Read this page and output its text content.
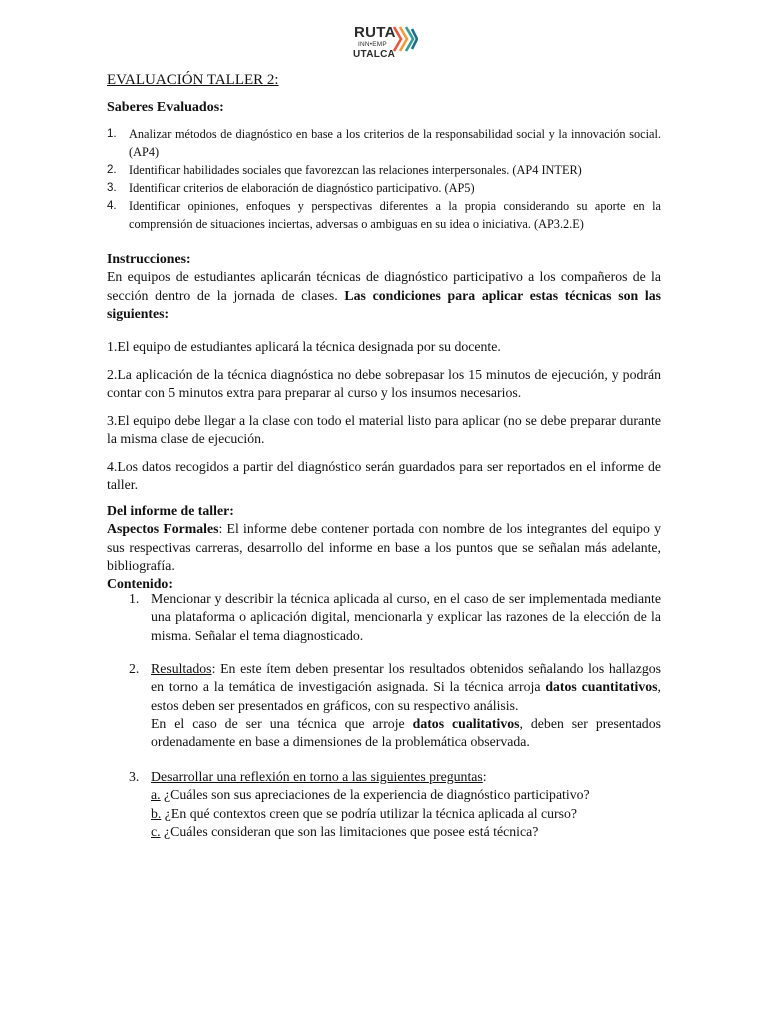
RUTA
INN•EMP
UTALCA
EVALUACIÓN TALLER 2:
Saberes Evaluados:
1. Analizar métodos de diagnóstico en base a los criterios de la responsabilidad social y la innovación social. (AP4)
2. Identificar habilidades sociales que favorezcan las relaciones interpersonales. (AP4 INTER)
3. Identificar criterios de elaboración de diagnóstico participativo. (AP5)
4. Identificar opiniones, enfoques y perspectivas diferentes a la propia considerando su aporte en la comprensión de situaciones inciertas, adversas o ambiguas en su idea o iniciativa. (AP3.2.E)
Instrucciones:
En equipos de estudiantes aplicarán técnicas de diagnóstico participativo a los compañeros de la sección dentro de la jornada de clases. Las condiciones para aplicar estas técnicas son las siguientes:
1.El equipo de estudiantes aplicará la técnica designada por su docente.
2.La aplicación de la técnica diagnóstica no debe sobrepasar los 15 minutos de ejecución, y podrán contar con 5 minutos extra para preparar al curso y los insumos necesarios.
3.El equipo debe llegar a la clase con todo el material listo para aplicar (no se debe preparar durante la misma clase de ejecución.
4.Los datos recogidos a partir del diagnóstico serán guardados para ser reportados en el informe de taller.
Del informe de taller:
Aspectos Formales: El informe debe contener portada con nombre de los integrantes del equipo y sus respectivas carreras, desarrollo del informe en base a los puntos que se señalan más adelante, bibliografía.
Contenido:
1. Mencionar y describir la técnica aplicada al curso, en el caso de ser implementada mediante una plataforma o aplicación digital, mencionarla y explicar las razones de la elección de la misma. Señalar el tema diagnosticado.
2. Resultados: En este ítem deben presentar los resultados obtenidos señalando los hallazgos en torno a la temática de investigación asignada. Si la técnica arroja datos cuantitativos, estos deben ser presentados en gráficos, con su respectivo análisis.
En el caso de ser una técnica que arroje datos cualitativos, deben ser presentados ordenadamente en base a dimensiones de la problemática observada.
3. Desarrollar una reflexión en torno a las siguientes preguntas:
a. ¿Cuáles son sus apreciaciones de la experiencia de diagnóstico participativo?
b. ¿En qué contextos creen que se podría utilizar la técnica aplicada al curso?
c. ¿Cuáles consideran que son las limitaciones que posee está técnica?
